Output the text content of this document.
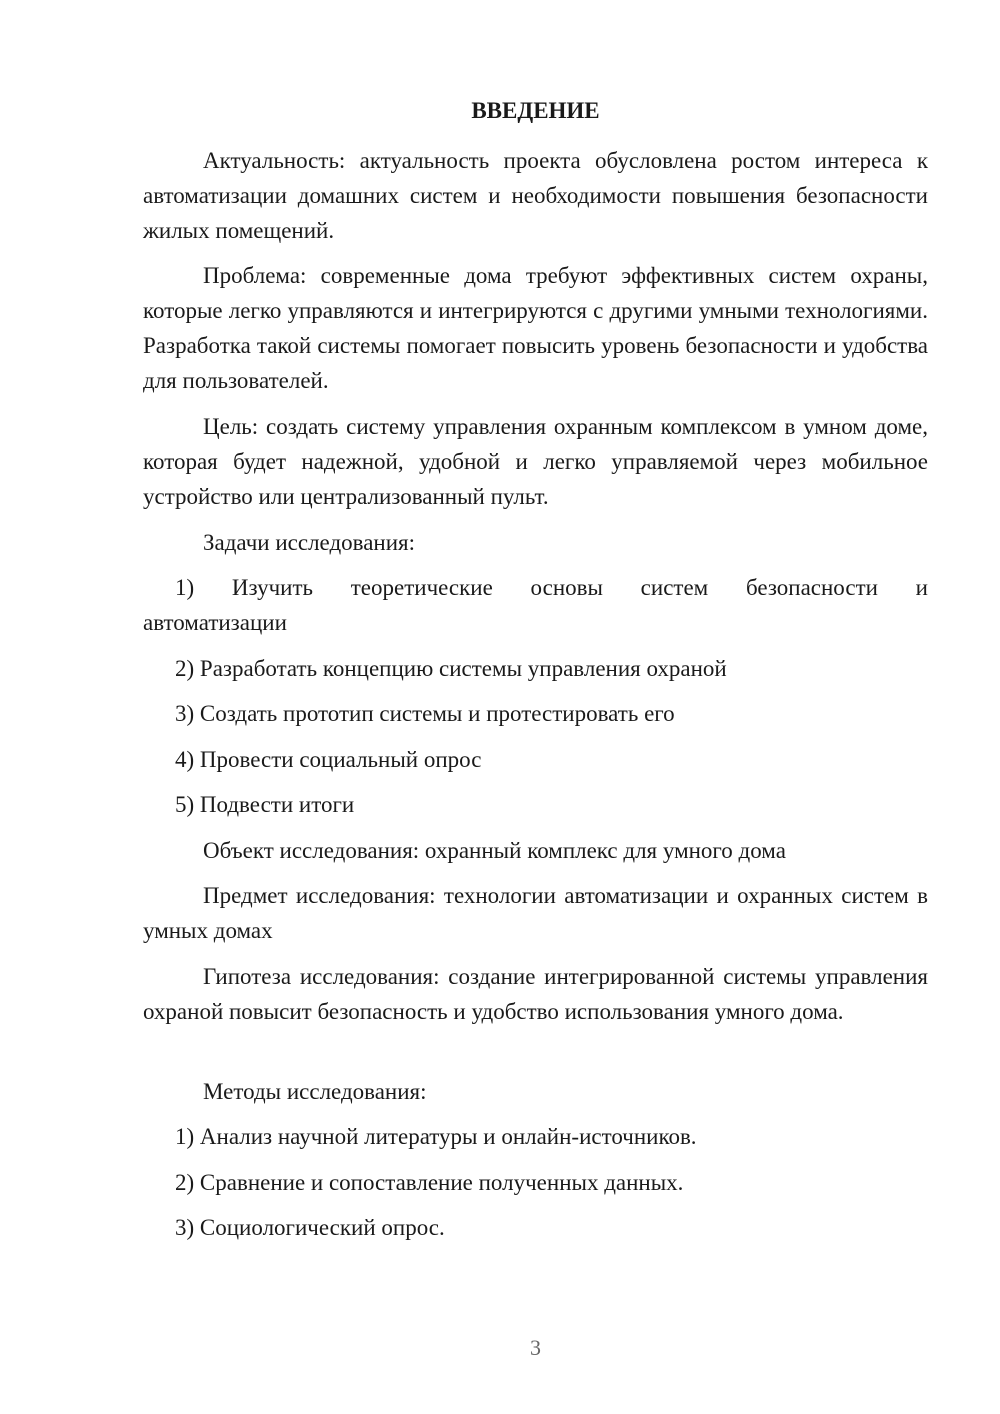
ВВЕДЕНИЕ

Актуальность: актуальность проекта обусловлена ростом интереса к автоматизации домашних систем и необходимости повышения безопасности жилых помещений.

Проблема: современные дома требуют эффективных систем охраны, которые легко управляются и интегрируются с другими умными технологиями. Разработка такой системы помогает повысить уровень безопасности и удобства для пользователей.

Цель: создать систему управления охранным комплексом в умном доме, которая будет надежной, удобной и легко управляемой через мобильное устройство или централизованный пульт.

Задачи исследования:

1) Изучить теоретические основы систем безопасности и
автоматизации

2) Разработать концепцию системы управления охраной

3) Создать прототип системы и протестировать его

4) Провести социальный опрос

5) Подвести итоги

Объект исследования: охранный комплекс для умного дома

Предмет исследования: технологии автоматизации и охранных систем в умных домах

Гипотеза исследования: создание интегрированной системы управления охраной повысит безопасность и удобство использования умного дома.

Методы исследования:

1) Анализ научной литературы и онлайн-источников.

2) Сравнение и сопоставление полученных данных.

3) Социологический опрос.

3
